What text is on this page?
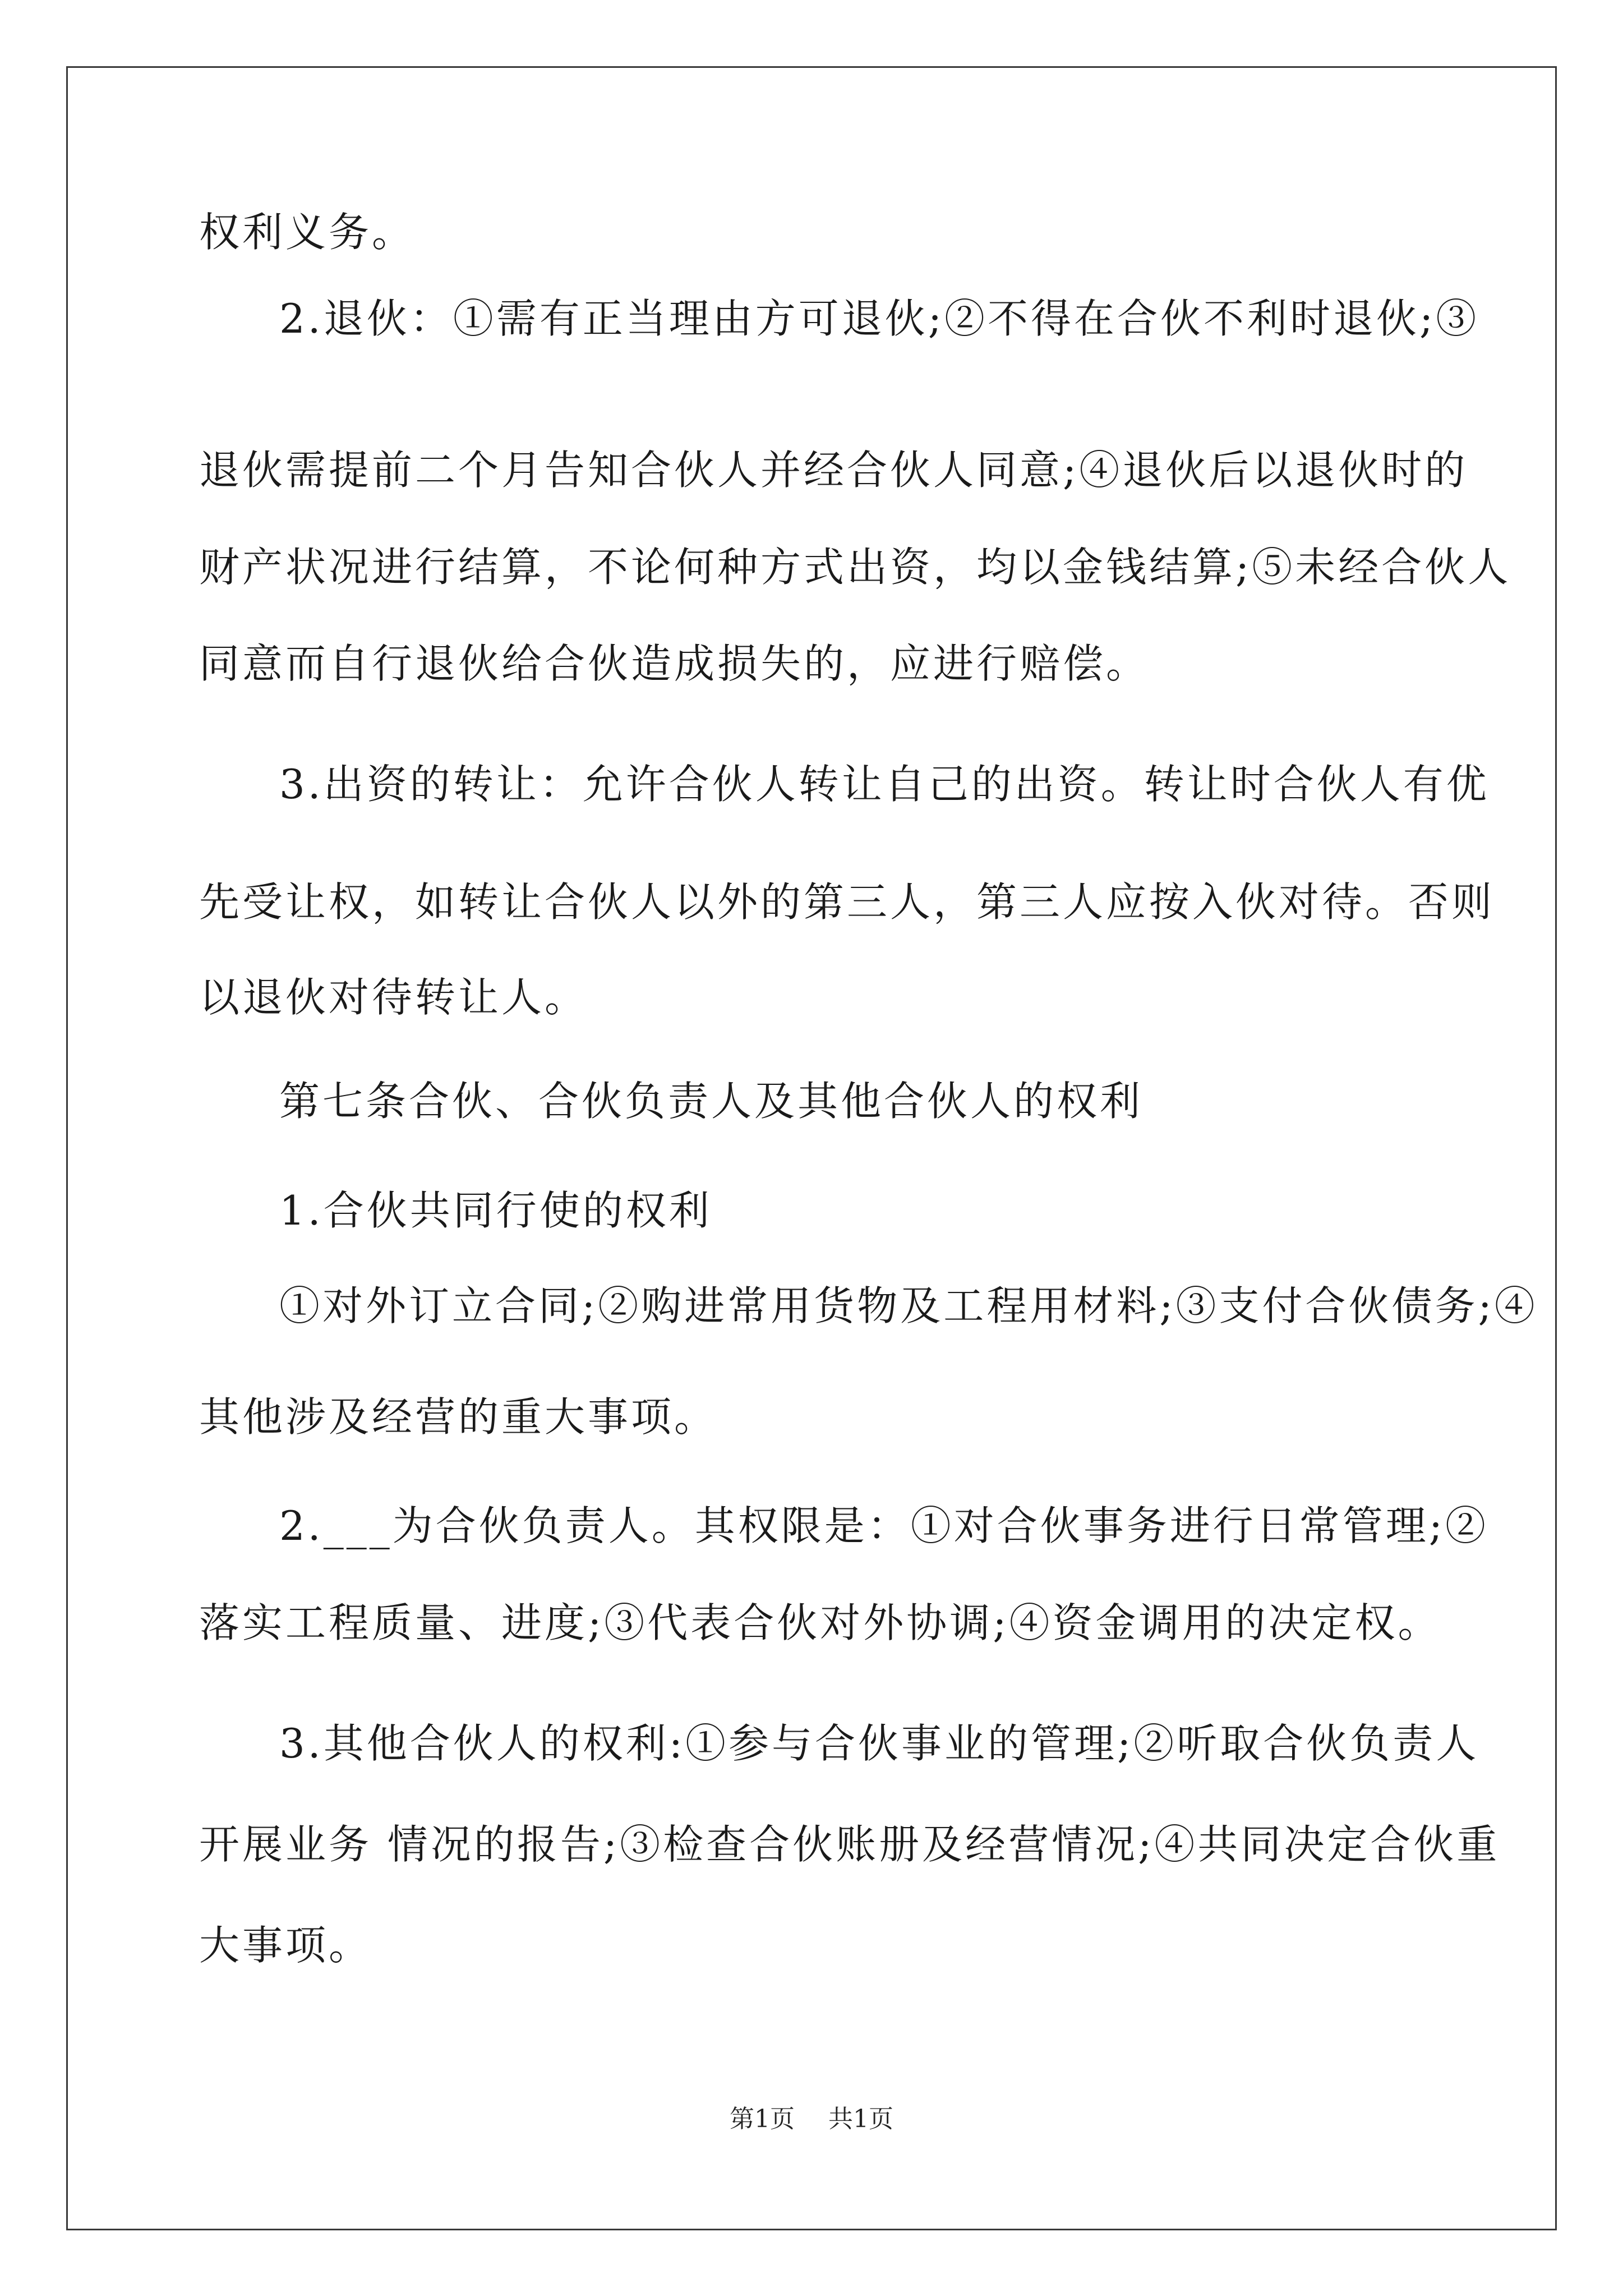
权利义务。
2.退伙：①需有正当理由方可退伙;②不得在合伙不利时退伙;③
退伙需提前二个月告知合伙人并经合伙人同意;④退伙后以退伙时的
财产状况进行结算，不论何种方式出资，均以金钱结算;⑤未经合伙人
同意而自行退伙给合伙造成损失的，应进行赔偿。
3.出资的转让：允许合伙人转让自己的出资。转让时合伙人有优
先受让权，如转让合伙人以外的第三人，第三人应按入伙对待。否则
以退伙对待转让人。
第七条合伙、合伙负责人及其他合伙人的权利
1.合伙共同行使的权利
①对外订立合同;②购进常用货物及工程用材料;③支付合伙债务;④
其他涉及经营的重大事项。
2.___为合伙负责人。其权限是：①对合伙事务进行日常管理;②
落实工程质量、进度;③代表合伙对外协调;④资金调用的决定权。
3.其他合伙人的权利:①参与合伙事业的管理;②听取合伙负责人
开展业务 情况的报告;③检查合伙账册及经营情况;④共同决定合伙重
大事项。
第1页 共1页
